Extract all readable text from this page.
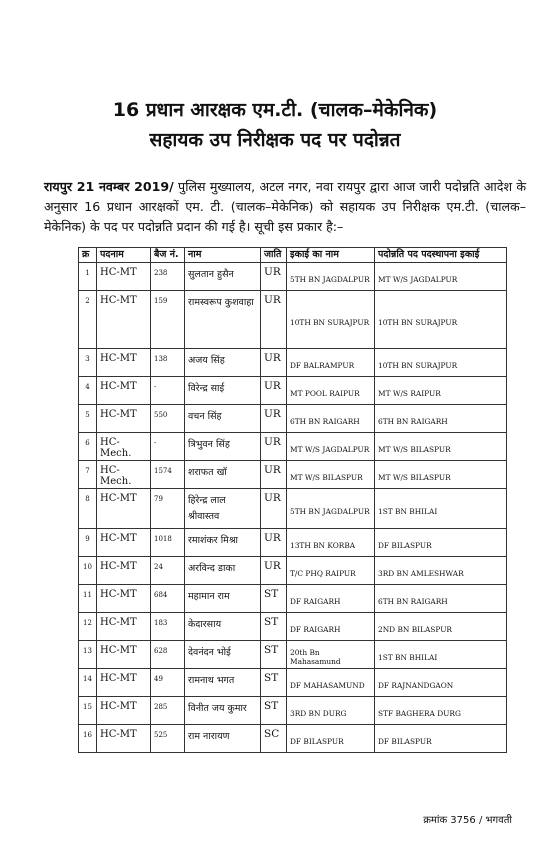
16 प्रधान आरक्षक एम.टी. (चालक–मेकेनिक)
सहायक उप निरीक्षक पद पर पदोन्नत
रायपुर 21 नवम्बर 2019/ पुलिस मुख्यालय, अटल नगर, नवा रायपुर द्वारा आज जारी पदोन्नति आदेश के अनुसार 16 प्रधान आरक्षकों एम. टी. (चालक–मेकेनिक) को सहायक उप निरीक्षक एम.टी. (चालक–मेकेनिक) के पद पर पदोन्नति प्रदान की गई है। सूची इस प्रकार है:–
क्र	पदनाम	बैज नं.	नाम	जाति	इकाई का नाम	पदोन्नति पद पदस्थापना इकाई
1	HC-MT	238	सुलतान हुसैन	UR	5TH BN JAGDALPUR	MT W/S JAGDALPUR
2	HC-MT	159	रामस्वरूप कुशवाहा	UR	10TH BN SURAJPUR	10TH BN SURAJPUR
3	HC-MT	138	अजय सिंह	UR	DF BALRAMPUR	10TH BN SURAJPUR
4	HC-MT	-	विरेन्द्र साई	UR	MT POOL RAIPUR	MT W/S RAIPUR
5	HC-MT	550	वचन सिंह	UR	6TH BN RAIGARH	6TH BN RAIGARH
6	HC-Mech.	-	त्रिभुवन सिंह	UR	MT W/S JAGDALPUR	MT W/S BILASPUR
7	HC-Mech.	1574	शराफत खॉ	UR	MT W/S BILASPUR	MT W/S BILASPUR
8	HC-MT	79	हिरेन्द्र लाल श्रीवास्तव	UR	5TH BN JAGDALPUR	1ST BN BHILAI
9	HC-MT	1018	रमाशंकर मिश्रा	UR	13TH BN KORBA	DF BILASPUR
10	HC-MT	24	अरविन्द डाका	UR	T/C PHQ RAIPUR	3RD BN AMLESHWAR
11	HC-MT	684	महामान राम	ST	DF RAIGARH	6TH BN RAIGARH
12	HC-MT	183	केदारसाय	ST	DF RAIGARH	2ND BN BILASPUR
13	HC-MT	628	देवनंदन भोई	ST	20th Bn Mahasamund	1ST BN BHILAI
14	HC-MT	49	रामनाथ भगत	ST	DF MAHASAMUND	DF RAJNANDGAON
15	HC-MT	285	विनीत जय कुमार	ST	3RD BN DURG	STF BAGHERA DURG
16	HC-MT	525	राम नारायण	SC	DF BILASPUR	DF BILASPUR
क्रमांक 3756 / भगवती
